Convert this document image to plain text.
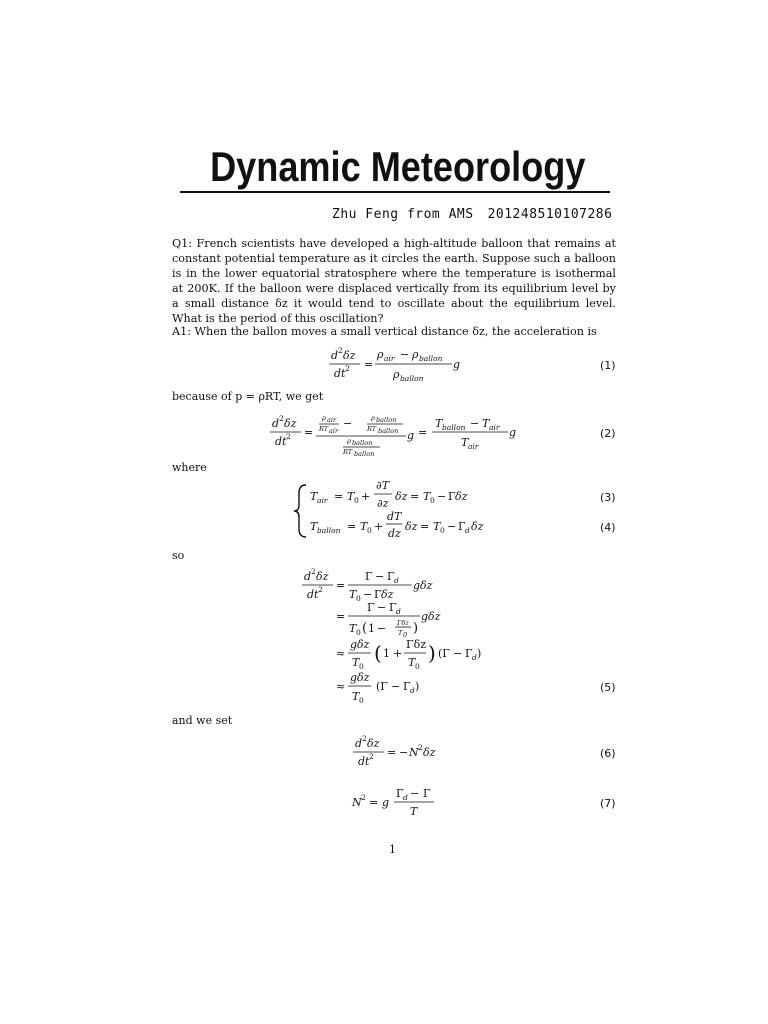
Dynamic Meteorology
Zhu Feng from AMS 201248510107286
Q1: French scientists have developed a high-altitude balloon that remains at constant potential temperature as it circles the earth. Suppose such a balloon is in the lower equatorial stratosphere where the temperature is isothermal at 200K. If the balloon were displaced vertically from its equilibrium level by a small distance δz it would tend to oscillate about the equilibrium level. What is the period of this oscillation?
A1: When the ballon moves a small vertical distance δz, the acceleration is
because of p = ρRT, we get
where
so
and we set
d 2 δz
dt 2 =
ρ air − ρ ballon
ρ ballon
g	(1)
d 2 δz
dt 2 =
ρ air
RT air
−	ρ ballon
RT ballon
ρ ballon
RT ballon
g =
T ballon − T air
T air
g	(2)
T air = T 0 +
∂T
∂z
δz = T 0 − Γ δz	(3)
T ballon = T 0 +
dT
dz
δz = T 0 − Γ d δz	(4)
d 2 δz
dt 2 =
Γ − Γ d
T 0 − Γ δz
gδz
=
Γ − Γ d
T 0 ( 1 − Γδz
T 0 )
gδz
≈
gδz
T 0
( 1 +
Γδz
T 0
) (Γ − Γ d )
≈
gδz
T 0
(Γ − Γ d )	(5)
d 2 δz
dt 2 = − N 2 δz	(6)
N 2 = g
Γ d − Γ
T
(7)
1
